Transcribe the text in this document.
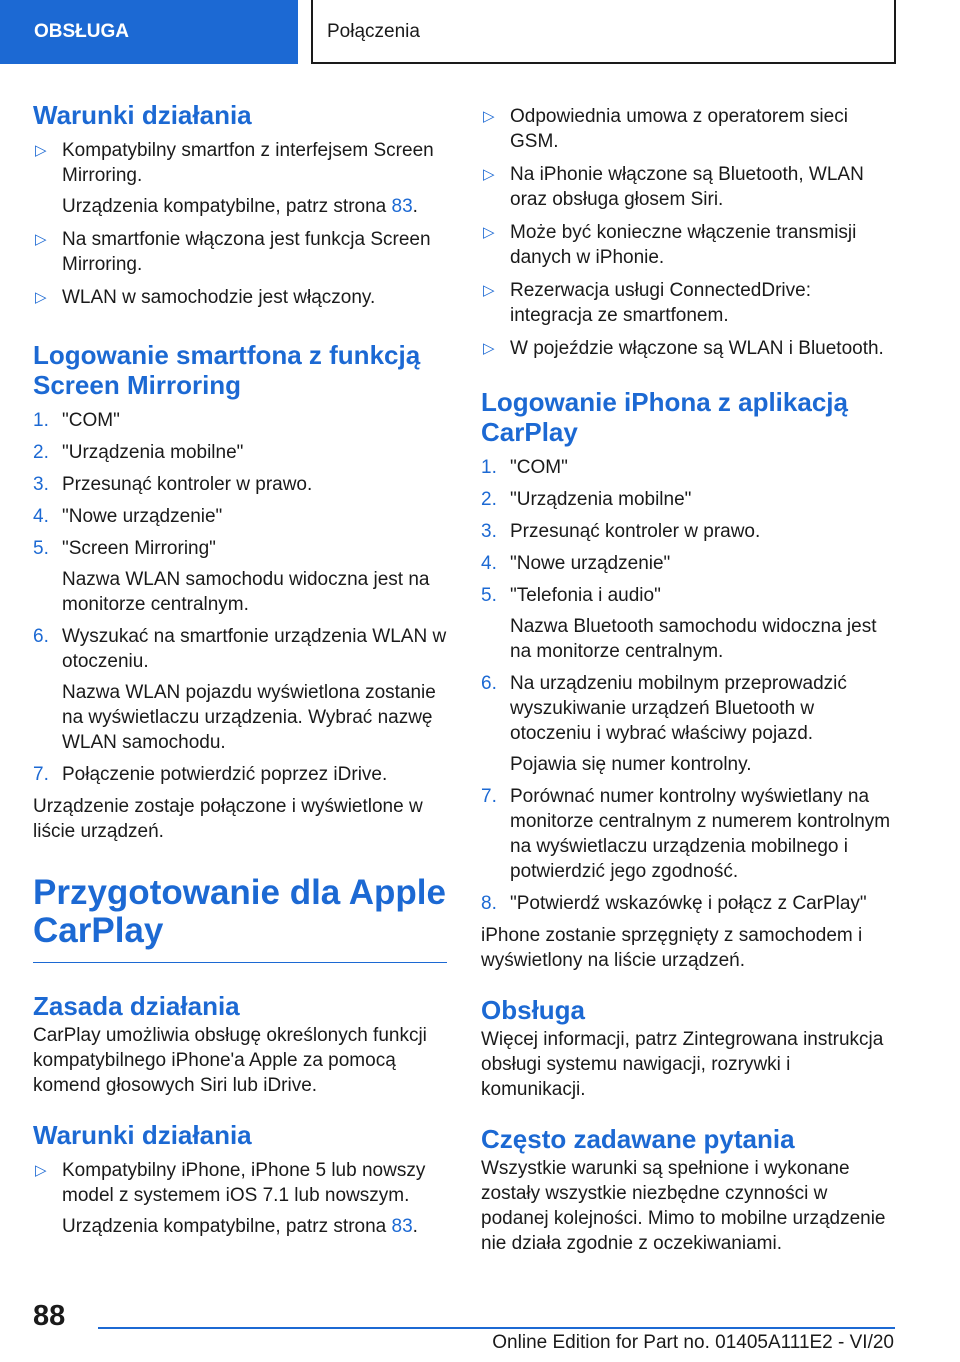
OBSŁUGA	Połączenia
Warunki działania
▷ Kompatybilny smartfon z interfejsem Screen Mirroring.

Urządzenia kompatybilne, patrz strona 83.

▷ Na smartfonie włączona jest funkcja Screen Mirroring.
▷ WLAN w samochodzie jest włączony.
Logowanie smartfona z funkcją
Screen Mirroring
1. "COM"
2. "Urządzenia mobilne"
3. Przesunąć kontroler w prawo.
4. "Nowe urządzenie"
5. "Screen Mirroring"

Nazwa WLAN samochodu widoczna jest na monitorze centralnym.

6. Wyszukać na smartfonie urządzenia WLAN w otoczeniu.

Nazwa WLAN pojazdu wyświetlona zostanie na wyświetlaczu urządzenia. Wybrać nazwę WLAN samochodu.

7. Połączenie potwierdzić poprzez iDrive.

Urządzenie zostaje połączone i wyświetlone w liście urządzeń.

Przygotowanie dla Apple
CarPlay
Zasada działania

CarPlay umożliwia obsługę określonych funkcji kompatybilnego iPhone'a Apple za pomocą komend głosowych Siri lub iDrive.

Warunki działania
▷ Kompatybilny iPhone, iPhone 5 lub nowszy model z systemem iOS 7.1 lub nowszym.

Urządzenia kompatybilne, patrz strona 83.

▷ Odpowiednia umowa z operatorem sieci GSM.
▷ Na iPhonie włączone są Bluetooth, WLAN oraz obsługa głosem Siri.
▷ Może być konieczne włączenie transmisji danych w iPhonie.
▷ Rezerwacja usługi ConnectedDrive: integracja ze smartfonem.
▷ W pojeździe włączone są WLAN i Bluetooth.
Logowanie iPhona z aplikacją
CarPlay
1. "COM"
2. "Urządzenia mobilne"
3. Przesunąć kontroler w prawo.
4. "Nowe urządzenie"
5. "Telefonia i audio"

Nazwa Bluetooth samochodu widoczna jest na monitorze centralnym.

6. Na urządzeniu mobilnym przeprowadzić wyszukiwanie urządzeń Bluetooth w otoczeniu i wybrać właściwy pojazd.

Pojawia się numer kontrolny.

7. Porównać numer kontrolny wyświetlany na monitorze centralnym z numerem kontrolnym na wyświetlaczu urządzenia mobilnego i potwierdzić jego zgodność.
8. "Potwierdź wskazówkę i połącz z CarPlay"

iPhone zostanie sprzęgnięty z samochodem i wyświetlony na liście urządzeń.

Obsługa

Więcej informacji, patrz Zintegrowana instrukcja obsługi systemu nawigacji, rozrywki i komunikacji.

Często zadawane pytania

Wszystkie warunki są spełnione i wykonane zostały wszystkie niezbędne czynności w podanej kolejności. Mimo to mobilne urządzenie nie działa zgodnie z oczekiwaniami.

88
Online Edition for Part no. 01405A111E2 - VI/20
